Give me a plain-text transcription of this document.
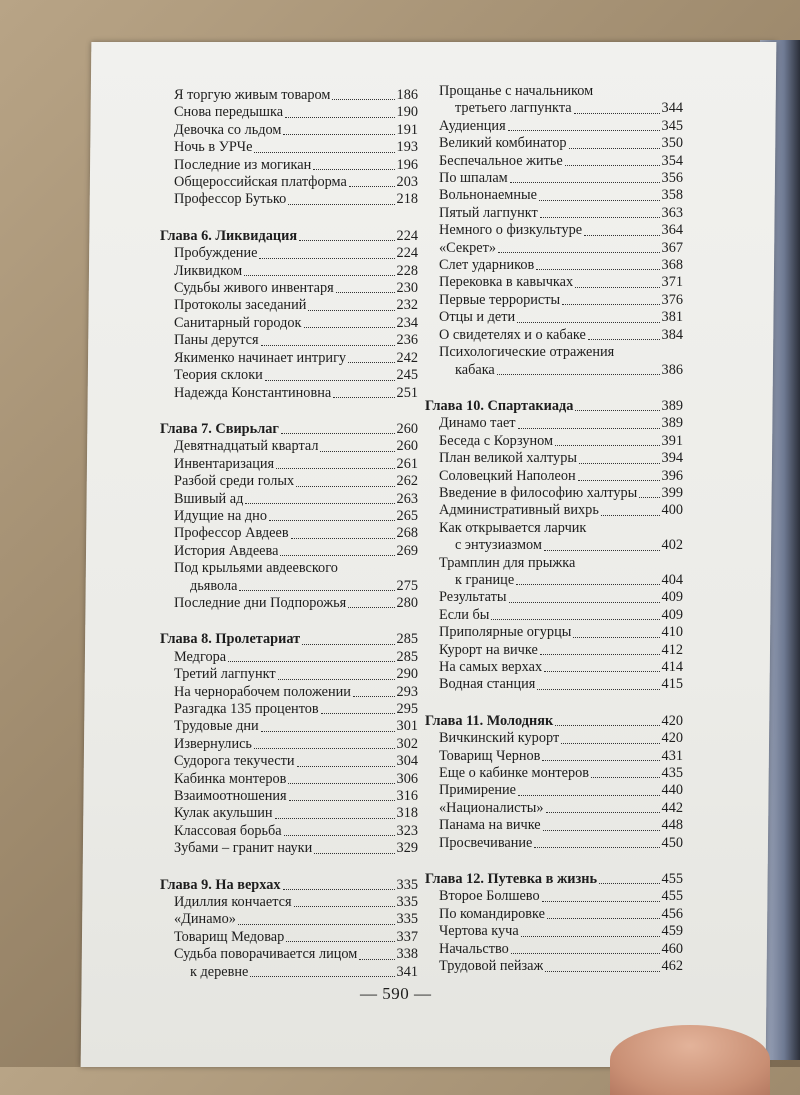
Я торгую живым товаром	186
Снова передышка	190
Девочка со льдом	191
Ночь в УРЧе	193
Последние из могикан	196
Общероссийская платформа	203
Профессор Бутько	218
Глава 6. Ликвидация	224
Пробуждение	224
Ликвидком	228
Судьбы живого инвентаря	230
Протоколы заседаний	232
Санитарный городок	234
Паны дерутся	236
Якименко начинает интригу	242
Теория склоки	245
Надежда Константиновна	251
Глава 7. Свирьлаг	260
Девятнадцатый квартал	260
Инвентаризация	261
Разбой среди голых	262
Вшивый ад	263
Идущие на дно	265
Профессор Авдеев	268
История Авдеева	269
Под крыльями авдеевского
дьявола	275
Последние дни Подпорожья	280
Глава 8. Пролетариат	285
Медгора	285
Третий лагпункт	290
На чернорабочем положении	293
Разгадка 135 процентов	295
Трудовые дни	301
Извернулись	302
Судорога текучести	304
Кабинка монтеров	306
Взаимоотношения	316
Кулак акульшин	318
Классовая борьба	323
Зубами – гранит науки	329
Глава 9. На верхах	335
Идиллия кончается	335
«Динамо»	335
Товарищ Медовар	337
Судьба поворачивается лицом	338
к деревне	341
Прощанье с начальником
третьего лагпункта	344
Аудиенция	345
Великий комбинатор	350
Беспечальное житье	354
По шпалам	356
Вольнонаемные	358
Пятый лагпункт	363
Немного о физкультуре	364
«Секрет»	367
Слет ударников	368
Перековка в кавычках	371
Первые террористы	376
Отцы и дети	381
О свидетелях и о кабаке	384
Психологические отражения
кабака	386
Глава 10. Спартакиада	389
Динамо тает	389
Беседа с Корзуном	391
План великой халтуры	394
Соловецкий Наполеон	396
Введение в философию халтуры 399
Административный вихрь	400
Как открывается ларчик
с энтузиазмом	402
Трамплин для прыжка
к границе	404
Результаты	409
Если бы	409
Приполярные огурцы	410
Курорт на вичке	412
На самых верхах	414
Водная станция	415
Глава 11. Молодняк	420
Вичкинский курорт	420
Товарищ Чернов	431
Еще о кабинке монтеров	435
Примирение	440
«Националисты»	442
Панама на вичке	448
Просвечивание	450
Глава 12. Путевка в жизнь	455
Второе Болшево	455
По командировке	456
Чертова куча	459
Начальство	460
Трудовой пейзаж	462
— 590 —
